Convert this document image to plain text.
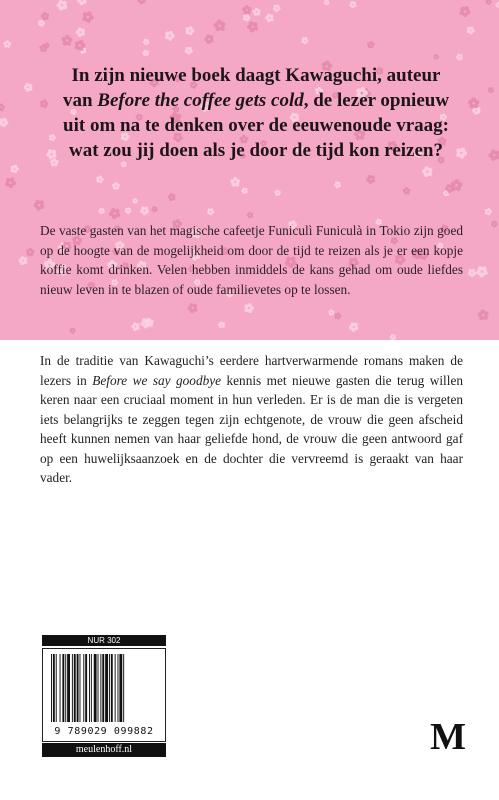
In zijn nieuwe boek daagt Kawaguchi, auteur van Before the coffee gets cold, de lezer opnieuw uit om na te denken over de eeuwenoude vraag: wat zou jij doen als je door de tijd kon reizen?

De vaste gasten van het magische cafeetje Funiculì Funiculà in Tokio zijn goed op de hoogte van de mogelijkheid om door de tijd te reizen als je er een kopje koffie komt drinken. Velen hebben inmiddels de kans gehad om oude liefdes nieuw leven in te blazen of oude familievetes op te lossen.

In de traditie van Kawaguchi’s eerdere hartverwarmende romans maken de lezers in Before we say goodbye kennis met nieuwe gasten die terug willen keren naar een cruciaal moment in hun verleden. Er is de man die is vergeten iets belangrijks te zeggen tegen zijn echtgenote, de vrouw die geen afscheid heeft kunnen nemen van haar geliefde hond, de vrouw die geen antwoord gaf op een huwelijksaanzoek en de dochter die vervreemd is geraakt van haar vader.

NUR 302
9 789029 099882
meulenhoff.nl	M
